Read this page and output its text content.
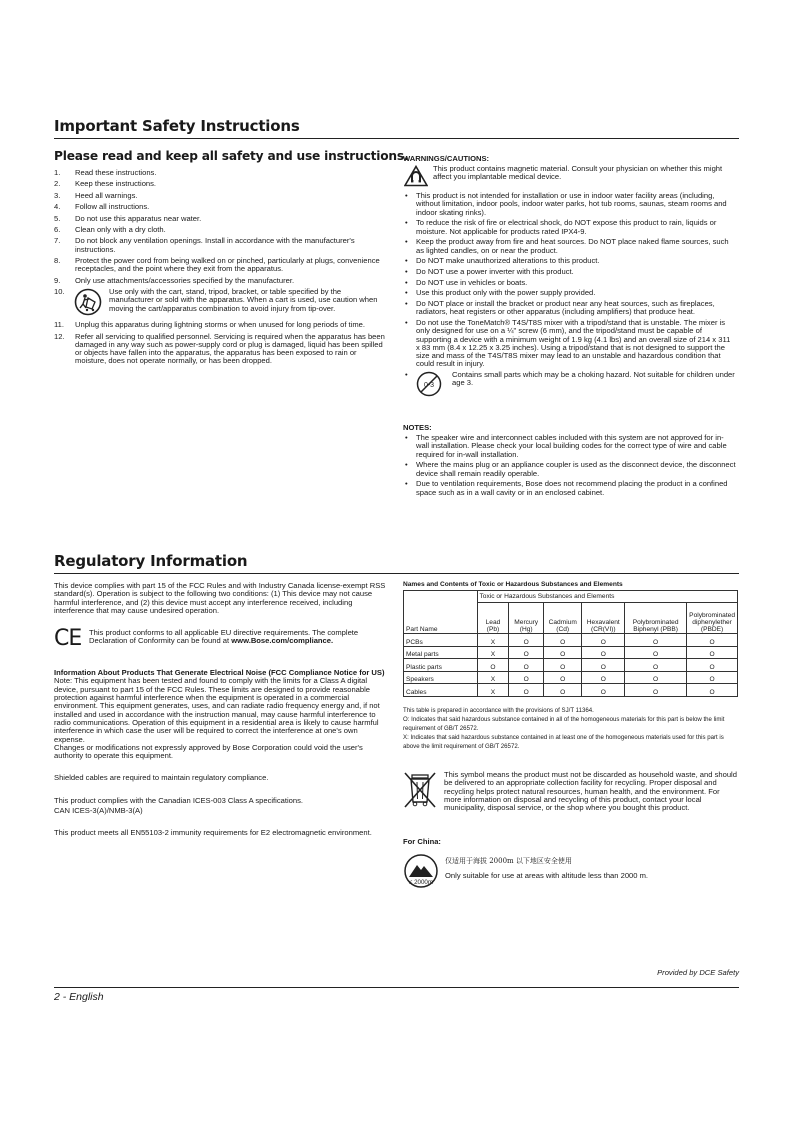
Important Safety Instructions
Please read and keep all safety and use instructions.
1. Read these instructions.
2. Keep these instructions.
3. Heed all warnings.
4. Follow all instructions.
5. Do not use this apparatus near water.
6. Clean only with a dry cloth.
7. Do not block any ventilation openings. Install in accordance with the manufacturer's instructions.
8. Protect the power cord from being walked on or pinched, particularly at plugs, convenience receptacles, and the point where they exit from the apparatus.
9. Only use attachments/accessories specified by the manufacturer.
10.	Use only with the cart, stand, tripod, bracket, or table specified by the manufacturer or sold with the apparatus. When a cart is used, use caution when moving the cart/apparatus combination to avoid injury from tip-over.
11. Unplug this apparatus during lightning storms or when unused for long periods of time.
12. Refer all servicing to qualified personnel. Servicing is required when the apparatus has been damaged in any way such as power-supply cord or plug is damaged, liquid has been spilled or objects have fallen into the apparatus, the apparatus has been exposed to rain or moisture, does not operate normally, or has been dropped.
WARNINGS/CAUTIONS:
This product contains magnetic material. Consult your physician on whether this might affect you implantable medical device.
• This product is not intended for installation or use in indoor water facility areas (including, without limitation, indoor pools, indoor water parks, hot tub rooms, saunas, steam rooms and indoor skating rinks).
• To reduce the risk of fire or electrical shock, do NOT expose this product to rain, liquids or moisture. Not applicable for products rated IPX4-9.
• Keep the product away from fire and heat sources. Do NOT place naked flame sources, such as lighted candles, on or near the product.
• Do NOT make unauthorized alterations to this product.
• Do NOT use a power inverter with this product.
• Do NOT use in vehicles or boats.
• Use this product only with the power supply provided.
• Do NOT place or install the bracket or product near any heat sources, such as fireplaces, radiators, heat registers or other apparatus (including amplifiers) that produce heat.
• Do not use the ToneMatch® T4S/T8S mixer with a tripod/stand that is unstable. The mixer is only designed for use on a ¼" screw (6 mm), and the tripod/stand must be capable of supporting a device with a minimum weight of 1.9 kg (4.1 lbs) and an overall size of 214 x 311 x 83 mm (8.4 x 12.25 x 3.25 inches). Using a tripod/stand that is not designed to support the size and mass of the T4S/T8S mixer may lead to an unstable and hazardous condition that could result in injury.
• 0-3
Contains small parts which may be a choking hazard. Not suitable for children under age 3.
NOTES:
• The speaker wire and interconnect cables included with this system are not approved for in-wall installation. Please check your local building codes for the correct type of wire and cable required for in-wall installation.
• Where the mains plug or an appliance coupler is used as the disconnect device, the disconnect device shall remain readily operable.
• Due to ventilation requirements, Bose does not recommend placing the product in a confined space such as in a wall cavity or in an enclosed cabinet.
Regulatory Information

This device complies with part 15 of the FCC Rules and with Industry Canada license-exempt RSS standard(s). Operation is subject to the following two conditions: (1) This device may not cause harmful interference, and (2) this device must accept any interference received, including interference that may cause undesired operation.

CE This product conforms to all applicable EU directive requirements. The complete Declaration of Conformity can be found at www.Bose.com/compliance.

Information About Products That Generate Electrical Noise (FCC Compliance Notice for US)

Note: This equipment has been tested and found to comply with the limits for a Class A digital device, pursuant to part 15 of the FCC Rules. These limits are designed to provide reasonable protection against harmful interference when the equipment is operated in a commercial environment. This equipment generates, uses, and can radiate radio frequency energy and, if not installed and used in accordance with the instruction manual, may cause harmful interference to radio communications. Operation of this equipment in a residential area is likely to cause harmful interference in which case the user will be required to correct the interference at one's own expense.

Changes or modifications not expressly approved by Bose Corporation could void the user's authority to operate this equipment.

Shielded cables are required to maintain regulatory compliance.

This product complies with the Canadian ICES-003 Class A specifications.

CAN ICES-3(A)/NMB-3(A)

This product meets all EN55103-2 immunity requirements for E2 electromagnetic environment.

Names and Contents of Toxic or Hazardous Substances and Elements
Part Name	Toxic or Hazardous Substances and Elements					
	Lead (Pb)	Mercury (Hg)	Cadmium (Cd)	Hexavalent (CR(VI))	Polybrominated Biphenyl (PBB)	Polybrominated diphenylether (PBDE)
PCBs	X	O	O	O	O	O
Metal parts	X	O	O	O	O	O
Plastic parts	O	O	O	O	O	O
Speakers	X	O	O	O	O	O
Cables	X	O	O	O	O	O
This table is prepared in accordance with the provisions of SJ/T 11364.
O: Indicates that said hazardous substance contained in all of the homogeneous materials for this part is below the limit requirement of GB/T 26572.
X: Indicates that said hazardous substance contained in at least one of the homogeneous materials used for this part is above the limit requirement of GB/T 26572.
This symbol means the product must not be discarded as household waste, and should be delivered to an appropriate collection facility for recycling. Proper disposal and recycling helps protect natural resources, human health, and the environment. For more information on disposal and recycling of this product, contact your local municipality, disposal service, or the shop where you bought this product.
For China:
≤ 2000m
仅适用于海拔 2000m 以下地区安全使用
Only suitable for use at areas with altitude less than 2000 m.
Provided by DCE Safety
2 - English
